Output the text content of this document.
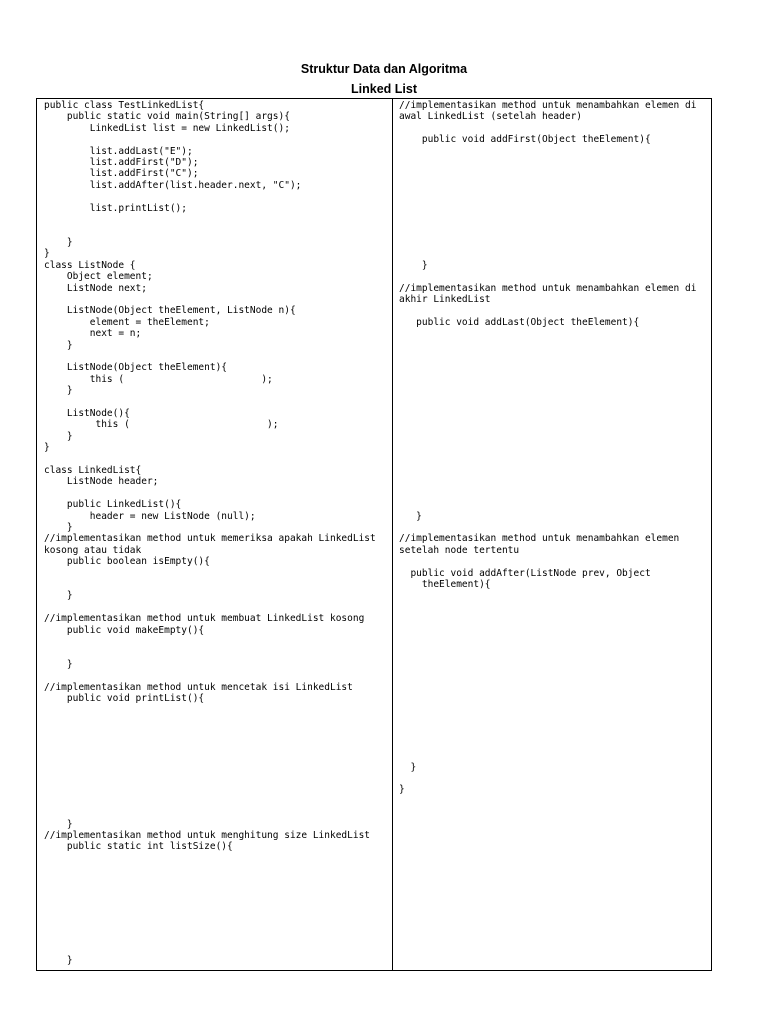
Struktur Data dan Algoritma
Linked List
public class TestLinkedList{
public static void main(String[] args){
LinkedList list = new LinkedList();

list.addLast("E");
list.addFirst("D");
list.addFirst("C");
list.addAfter(list.header.next, "C");

list.printList();

}
}
class ListNode {
Object element;
ListNode next;

ListNode(Object theElement, ListNode n){
element = theElement;
next = n;
}

ListNode(Object theElement){
this (                        );
}

ListNode(){
this (                        );
}
}

class LinkedList{
ListNode header;

public LinkedList(){
header = new ListNode (null);
}
//implementasikan method untuk memeriksa apakah LinkedList
kosong atau tidak
public boolean isEmpty(){

}

//implementasikan method untuk membuat LinkedList kosong
public void makeEmpty(){

}

//implementasikan method untuk mencetak isi LinkedList
public void printList(){

}
//implementasikan method untuk menghitung size LinkedList
public static int listSize(){

}
//implementasikan method untuk menambahkan elemen di
awal LinkedList (setelah header)

public void addFirst(Object theElement){

}

//implementasikan method untuk menambahkan elemen di
akhir LinkedList

public void addLast(Object theElement){

}

//implementasikan method untuk menambahkan elemen
setelah node tertentu

public void addAfter(ListNode prev, Object
theElement){

}

}
